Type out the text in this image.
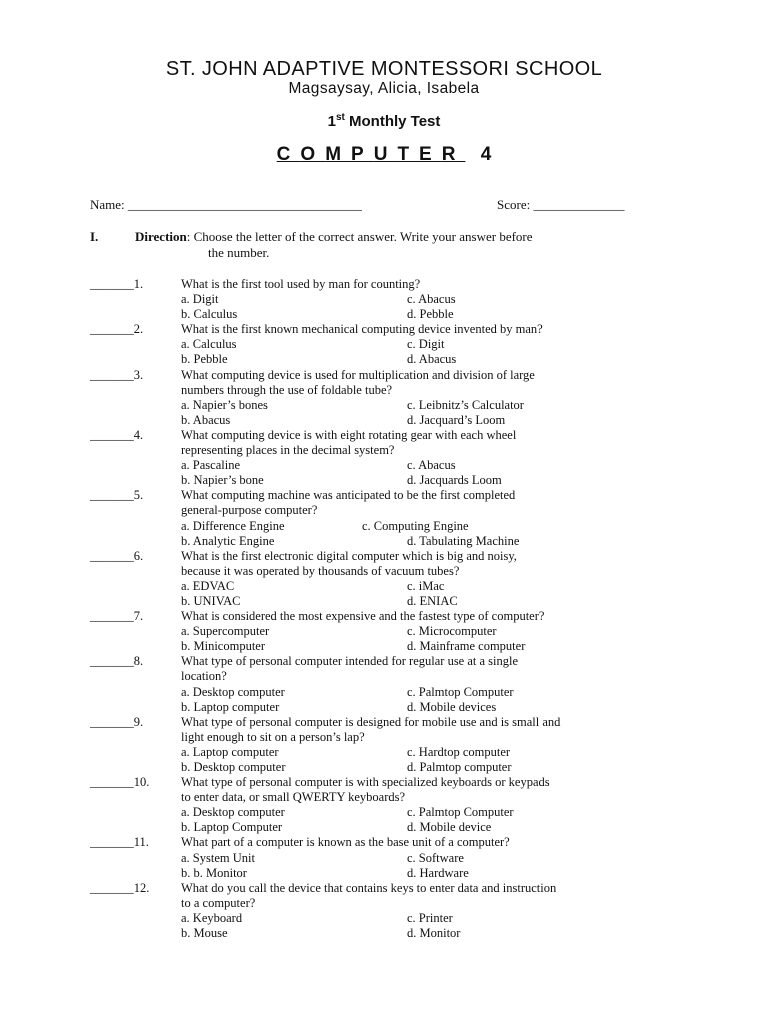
ST. JOHN ADAPTIVE MONTESSORI SCHOOL
Magsaysay, Alicia, Isabela
1st Monthly Test
COMPUTER 4
Name: ____________________________________	Score: ______________
I.	Direction: Choose the letter of the correct answer. Write your answer before
the number.
_______1.	What is the first tool used by man for counting?
a. Digit	c. Abacus
b. Calculus	d. Pebble
_______2.	What is the first known mechanical computing device invented by man?
a. Calculus	c. Digit
b. Pebble	d. Abacus
_______3.	What computing device is used for multiplication and division of large
numbers through the use of foldable tube?
a. Napier’s bones	c. Leibnitz’s Calculator
b. Abacus	d. Jacquard’s Loom
_______4.	What computing device is with eight rotating gear with each wheel
representing places in the decimal system?
a. Pascaline	c. Abacus
b. Napier’s bone	d. Jacquards Loom
_______5.	What computing machine was anticipated to be the first completed
general-purpose computer?
a. Difference Engine	c. Computing Engine
b. Analytic Engine	d. Tabulating Machine
_______6.	What is the first electronic digital computer which is big and noisy,
because it was operated by thousands of vacuum tubes?
a. EDVAC	c. iMac
b. UNIVAC	d. ENIAC
_______7.	What is considered the most expensive and the fastest type of computer?
a. Supercomputer	c. Microcomputer
b. Minicomputer	d. Mainframe computer
_______8.	What type of personal computer intended for regular use at a single
location?
a. Desktop computer	c. Palmtop Computer
b. Laptop computer	d. Mobile devices
_______9.	What type of personal computer is designed for mobile use and is small and
light enough to sit on a person’s lap?
a. Laptop computer	c. Hardtop computer
b. Desktop computer	d. Palmtop computer
_______10.	What type of personal computer is with specialized keyboards or keypads
to enter data, or small QWERTY keyboards?
a. Desktop computer	c. Palmtop Computer
b. Laptop Computer	d. Mobile device
_______11.	What part of a computer is known as the base unit of a computer?
a. System Unit	c. Software
b. b. Monitor	d. Hardware
_______12.	What do you call the device that contains keys to enter data and instruction
to a computer?
a. Keyboard	c. Printer
b. Mouse	d. Monitor
